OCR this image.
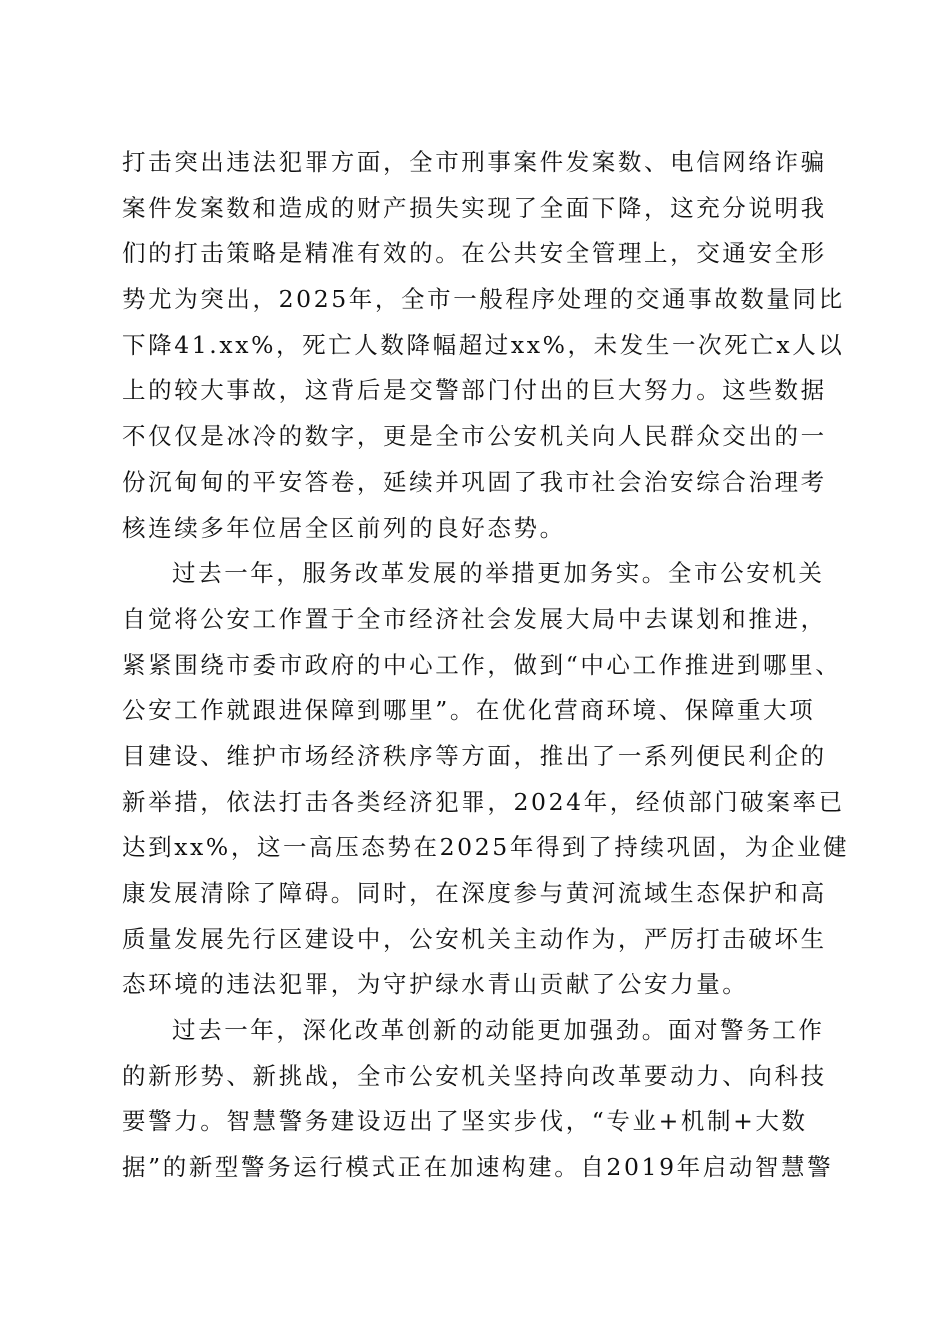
打击突出违法犯罪方面，全市刑事案件发案数、电信网络诈骗

案件发案数和造成的财产损失实现了全面下降，这充分说明我

们的打击策略是精准有效的。在公共安全管理上，交通安全形

势尤为突出，2025年，全市一般程序处理的交通事故数量同比

下降41.xx%，死亡人数降幅超过xx%，未发生一次死亡x人以

上的较大事故，这背后是交警部门付出的巨大努力。这些数据

不仅仅是冰冷的数字，更是全市公安机关向人民群众交出的一

份沉甸甸的平安答卷，延续并巩固了我市社会治安综合治理考

核连续多年位居全区前列的良好态势。

过去一年，服务改革发展的举措更加务实。全市公安机关

自觉将公安工作置于全市经济社会发展大局中去谋划和推进，

紧紧围绕市委市政府的中心工作，做到“中心工作推进到哪里、

公安工作就跟进保障到哪里”。在优化营商环境、保障重大项

目建设、维护市场经济秩序等方面，推出了一系列便民利企的

新举措，依法打击各类经济犯罪，2024年，经侦部门破案率已

达到xx%，这一高压态势在2025年得到了持续巩固，为企业健

康发展清除了障碍。同时，在深度参与黄河流域生态保护和高

质量发展先行区建设中，公安机关主动作为，严厉打击破坏生

态环境的违法犯罪，为守护绿水青山贡献了公安力量。

过去一年，深化改革创新的动能更加强劲。面对警务工作

的新形势、新挑战，全市公安机关坚持向改革要动力、向科技

要警力。智慧警务建设迈出了坚实步伐，“专业+机制+大数

据”的新型警务运行模式正在加速构建。自2019年启动智慧警
